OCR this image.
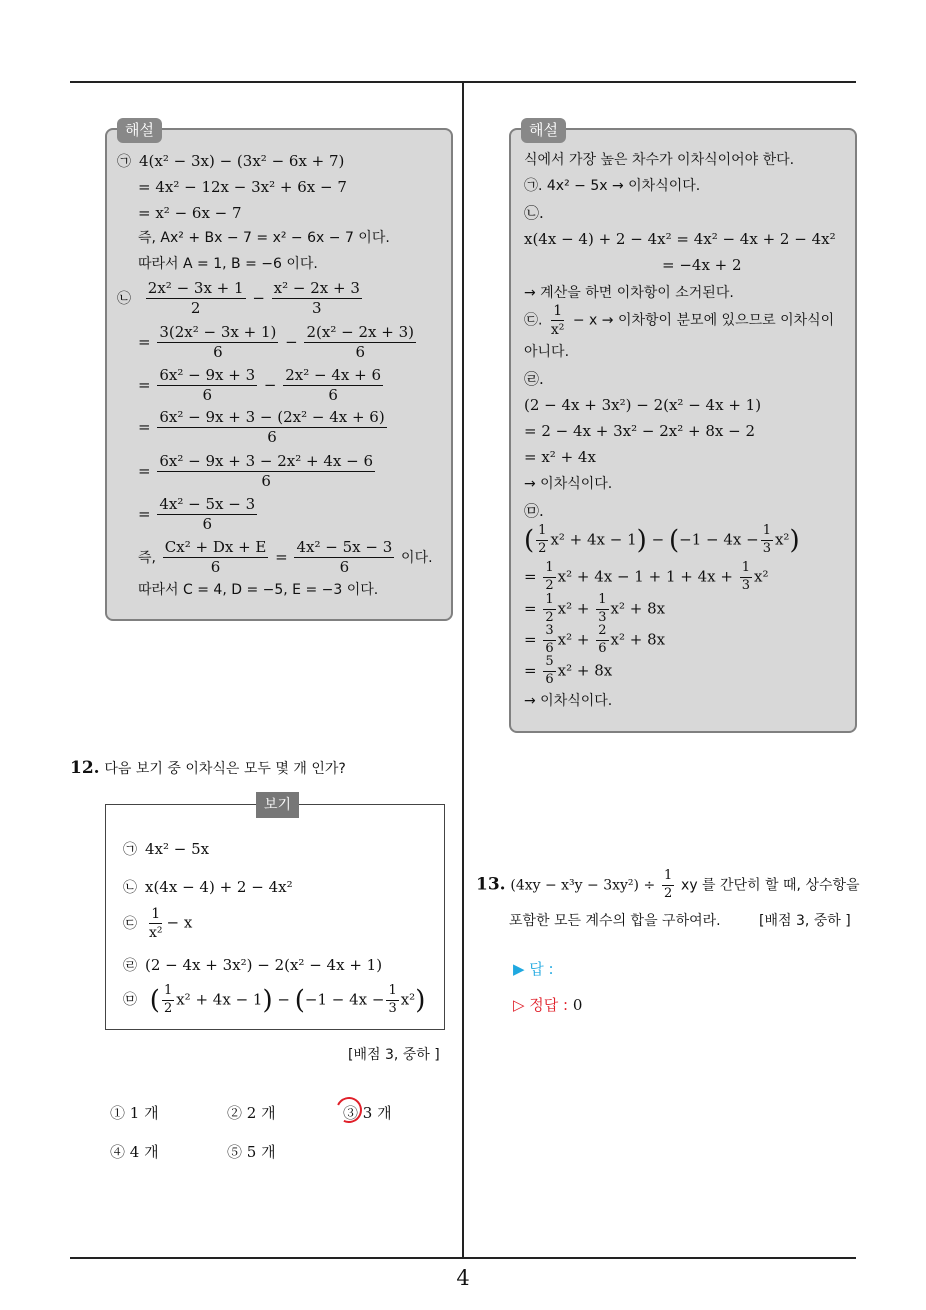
해설
㉠ 4(x² − 3x) − (3x² − 6x + 7)
= 4x² − 12x − 3x² + 6x − 7
= x² − 6x − 7
즉, Ax² + Bx − 7 = x² − 6x − 7 이다.
따라서 A = 1, B = −6 이다.
㉡ $\frac{\text{2x² − 3x + 1}}{2} - \frac{\text{x² − 2x + 3}}{3}$
= $\frac{\text{3(2x² − 3x + 1)}}{6} - \frac{\text{2(x² − 2x + 3)}}{6}$
= $\frac{\text{6x² − 9x + 3}}{6} - \frac{\text{2x² − 4x + 6}}{6}$
= $\frac{\text{6x² − 9x + 3 − (2x² − 4x + 6)}}{6}$
= $\frac{\text{6x² − 9x + 3 − 2x² + 4x − 6}}{6}$
= $\frac{\text{4x² − 5x − 3}}{6}$
즉, $\frac{\text{Cx² + Dx + E}}{6} = \frac{\text{4x² − 5x − 3}}{6}$ 이다.
따라서 C = 4, D = −5, E = −3 이다.
해설
식에서 가장 높은 차수가 이차식이어야 한다.
㉠. 4x² − 5x → 이차식이다.
㉡.
x(4x − 4) + 2 − 4x² = 4x² − 4x + 2 − 4x²
= −4x + 2
→ 계산을 하면 이차항이 소거된다.
㉢. $\frac{1}{\text{x²}} - x$ → 이차항이 분모에 있으므로 이차식이
아니다.
㉣.
(2 − 4x + 3x²) − 2(x² − 4x + 1)
= 2 − 4x + 3x² − 2x² + 8x − 2
= x² + 4x
→ 이차식이다.
㉤.
( $\frac{1}{2} x^2 + 4x - 1) - (-1 - 4x - \frac{1}{3} x^2)$
= $\frac{1}{2} x^2 + 4x - 1 + 1 + 4x + \frac{1}{3} x^2$
= $\frac{1}{2} x^2 + \frac{1}{3} x^2 + 8x$
= $\frac{3}{6} x^2 + \frac{2}{6} x^2 + 8x$
= $\frac{5}{6} x^2 + 8x$
→ 이차식이다.
12. 다음 보기 중 이차식은 모두 몇 개 인가?
보기
㉠ 4x² − 5x
㉡ x(4x − 4) + 2 − 4x²
㉢ $\frac{1}{\text{x²}} - x$
㉣ (2 − 4x + 3x²) − 2(x² − 4x + 1)
㉤ ( $\frac{1}{2} x^2 + 4x - 1) - (-1 - 4x - \frac{1}{3} x^2)$
[배점 3, 중하 ]
① 1 개	② 2 개	③ 3 개
④ 4 개	⑤ 5 개
13. $(4xy - x^3y - 3xy^2) \div \frac{1}{2}$ xy 를 간단히 할 때, 상수항을
포함한 모든 계수의 합을 구하여라.	[배점 3, 중하 ]
▶ 답 :
▷ 정답 : 0
4
